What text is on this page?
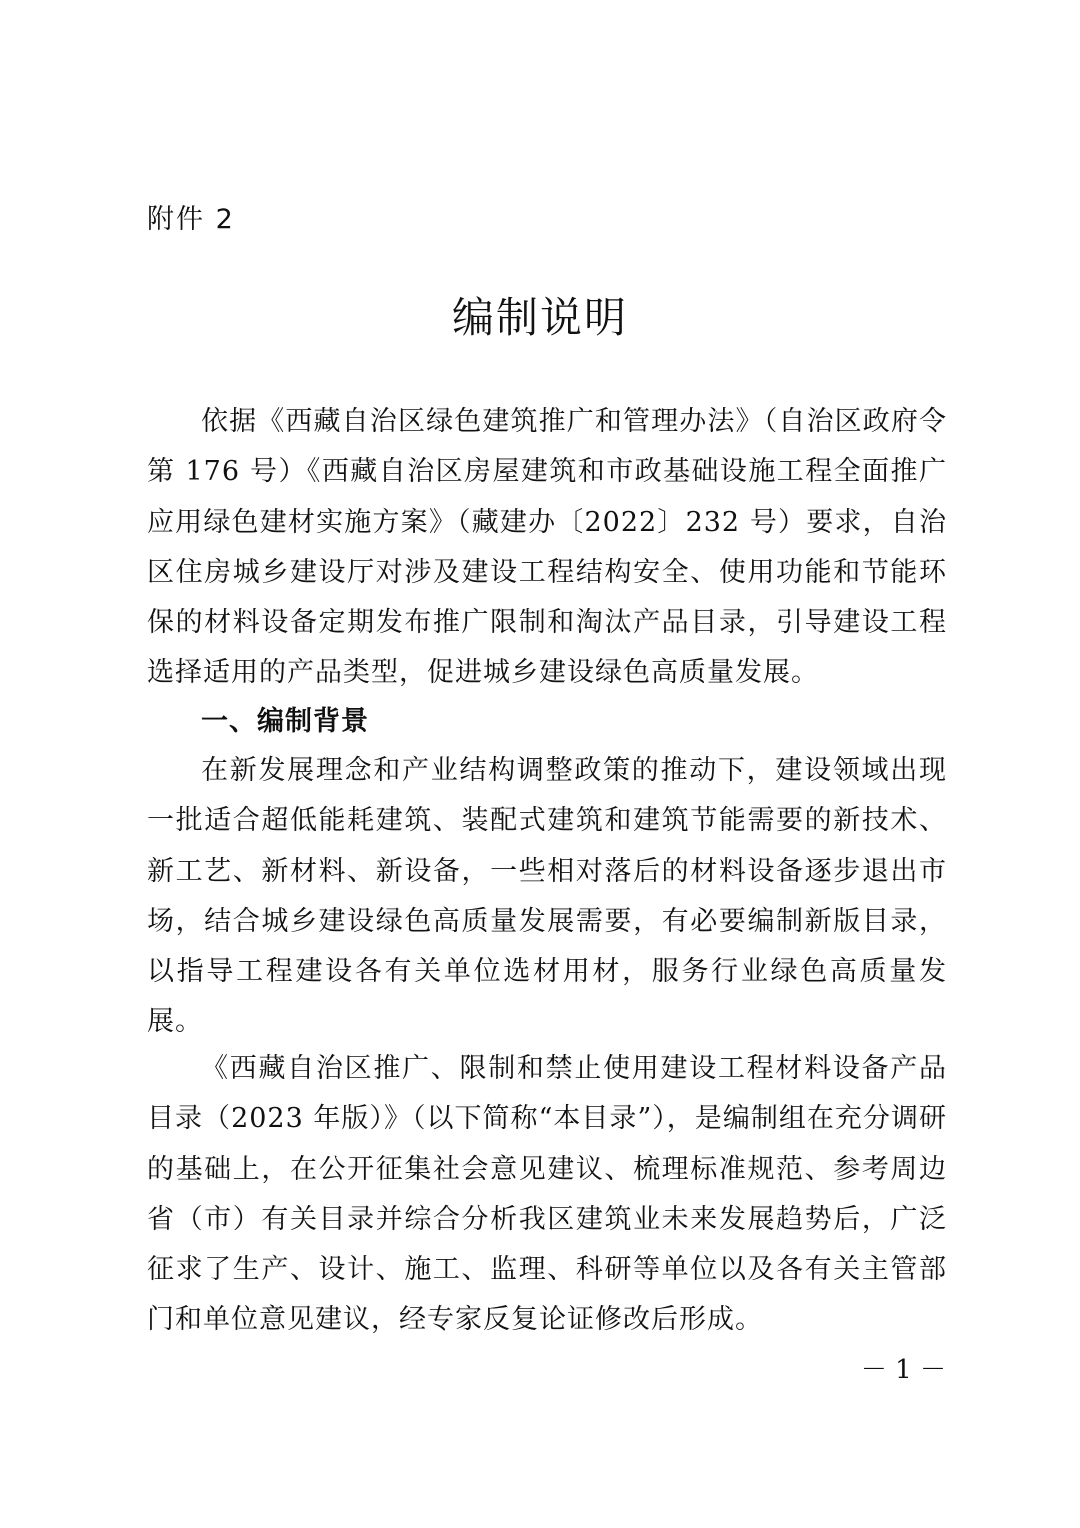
附件 2
编制说明

依据《西藏自治区绿色建筑推广和管理办法》（自治区政府令第 176 号）《西藏自治区房屋建筑和市政基础设施工程全面推广应用绿色建材实施方案》（藏建办〔2022〕232 号）要求，自治区住房城乡建设厅对涉及建设工程结构安全、使用功能和节能环保的材料设备定期发布推广限制和淘汰产品目录，引导建设工程选择适用的产品类型，促进城乡建设绿色高质量发展。

一、编制背景

在新发展理念和产业结构调整政策的推动下，建设领域出现一批适合超低能耗建筑、装配式建筑和建筑节能需要的新技术、新工艺、新材料、新设备，一些相对落后的材料设备逐步退出市场，结合城乡建设绿色高质量发展需要，有必要编制新版目录，以指导工程建设各有关单位选材用材，服务行业绿色高质量发展。

《西藏自治区推广、限制和禁止使用建设工程材料设备产品目录（2023 年版）》（以下简称“本目录”），是编制组在充分调研的基础上，在公开征集社会意见建议、梳理标准规范、参考周边省（市）有关目录并综合分析我区建筑业未来发展趋势后，广泛征求了生产、设计、施工、监理、科研等单位以及各有关主管部门和单位意见建议，经专家反复论证修改后形成。

－ 1 －
